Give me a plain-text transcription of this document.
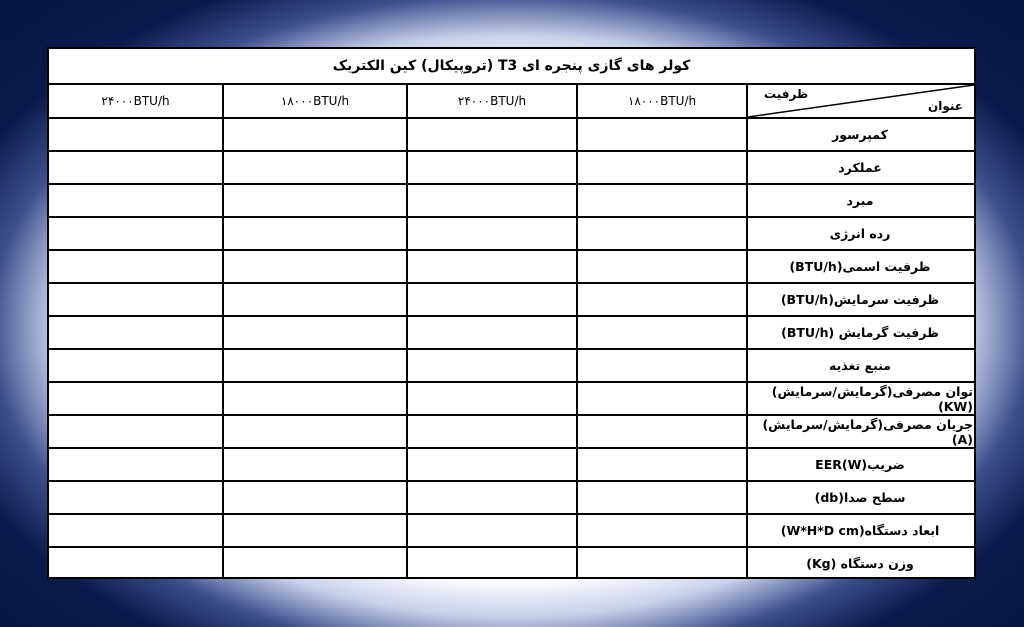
کولر های گازی پنجره ای T3 (تروپیکال) کین الکتریک
۲۴۰۰۰BTU/h	۱۸۰۰۰BTU/h	۲۴۰۰۰BTU/h	۱۸۰۰۰BTU/h	ظرفیت
عنوان
کمپرسور
عملکرد
مبرد
رده انرژی
ظرفیت اسمی(BTU/h)
ظرفیت سرمایش(BTU/h)
ظرفیت گرمایش (BTU/h)
منبع تغذیه
توان مصرفی(گرمایش/سرمایش)(KW)
جریان مصرفی(گرمایش/سرمایش)(A)
ضریبEER(W)
سطح صدا(db)
ابعاد دستگاه(W*H*D cm)
وزن دستگاه (Kg)
